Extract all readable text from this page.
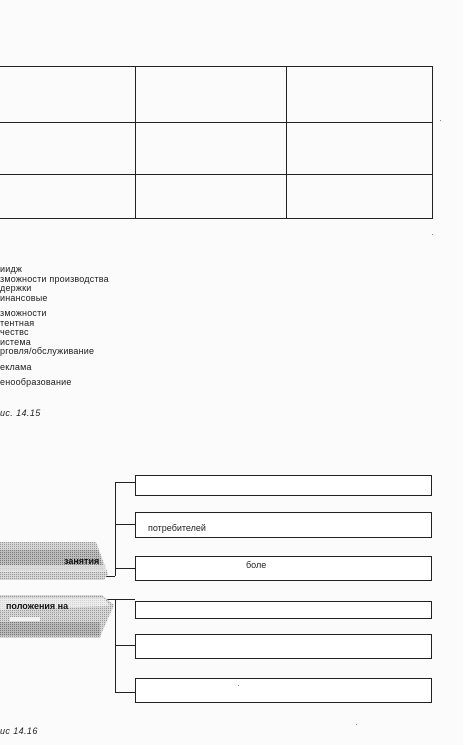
иидж
зможности производства
держки
инансовые
зможности
тентная
чествс
истема
рговля/обслуживание
еклама
енообразование
ис. 14.15
потребителей
боле
занятия
положения на
ис 14.16
